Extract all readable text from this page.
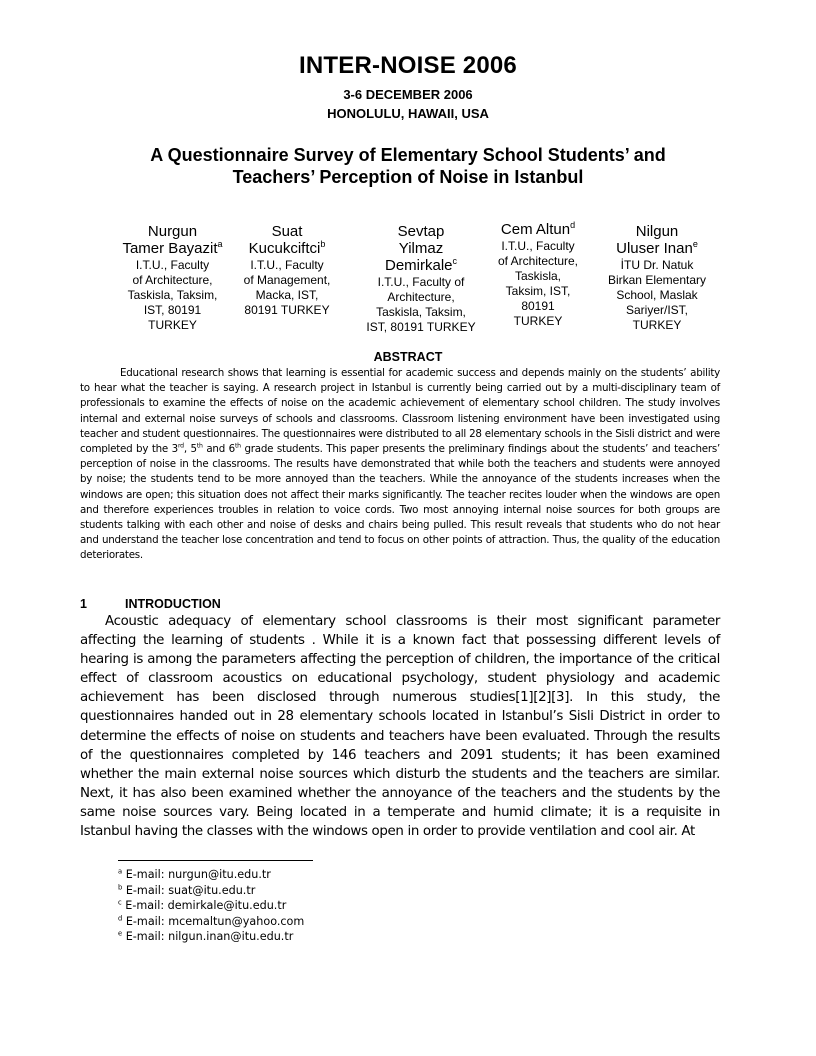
INTER-NOISE 2006
3-6 DECEMBER 2006
HONOLULU, HAWAII, USA
A Questionnaire Survey of Elementary School Students’ and
Teachers’ Perception of Noise in Istanbul
Nurgun
Tamer Bayazit$^a$
I.T.U., Faculty
of Architecture,
Taskisla, Taksim,
IST, 80191
TURKEY
Suat
Kucukciftci$^b$
I.T.U., Faculty
of Management,
Macka, IST,
80191 TURKEY
Sevtap
Yilmaz
Demirkale$^c$
I.T.U., Faculty of
Architecture,
Taskisla, Taksim,
IST, 80191 TURKEY
Cem Altun$^d$
I.T.U., Faculty
of Architecture,
Taskisla,
Taksim, IST,
80191
TURKEY
Nilgun
Uluser Inan$^e$
İTU Dr. Natuk
Birkan Elementary
School, Maslak
Sariyer/IST,
TURKEY
ABSTRACT

Educational research shows that learning is essential for academic success and depends mainly on the students’ ability to hear what the teacher is saying. A research project in Istanbul is currently being carried out by a multi-disciplinary team of professionals to examine the effects of noise on the academic achievement of elementary school children. The study involves internal and external noise surveys of schools and classrooms. Classroom listening environment have been investigated using teacher and student questionnaires. The questionnaires were distributed to all 28 elementary schools in the Sisli district and were completed by the 3rd, 5th and 6th grade students. This paper presents the preliminary findings about the students’ and teachers’ perception of noise in the classrooms. The results have demonstrated that while both the teachers and students were annoyed by noise; the students tend to be more annoyed than the teachers. While the annoyance of the students increases when the windows are open; this situation does not affect their marks significantly. The teacher recites louder when the windows are open and therefore experiences troubles in relation to voice cords. Two most annoying internal noise sources for both groups are students talking with each other and noise of desks and chairs being pulled. This result reveals that students who do not hear and understand the teacher lose concentration and tend to focus on other points of attraction. Thus, the quality of the education deteriorates.

1	INTRODUCTION

Acoustic adequacy of elementary school classrooms is their most significant parameter affecting the learning of students . While it is a known fact that possessing different levels of hearing is among the parameters affecting the perception of children, the importance of the critical effect of classroom acoustics on educational psychology, student physiology and academic achievement has been disclosed through numerous studies[1][2][3]. In this study, the questionnaires handed out in 28 elementary schools located in Istanbul’s Sisli District in order to determine the effects of noise on students and teachers have been evaluated. Through the results of the questionnaires completed by 146 teachers and 2091 students; it has been examined whether the main external noise sources which disturb the students and the teachers are similar. Next, it has also been examined whether the annoyance of the teachers and the students by the same noise sources vary. Being located in a temperate and humid climate; it is a requisite in Istanbul having the classes with the windows open in order to provide ventilation and cool air. At

$^a$ E-mail: nurgun@itu.edu.tr
$^b$ E-mail: suat@itu.edu.tr
$^c$ E-mail: demirkale@itu.edu.tr
$^d$ E-mail: mcemaltun@yahoo.com
$^e$ E-mail: nilgun.inan@itu.edu.tr
